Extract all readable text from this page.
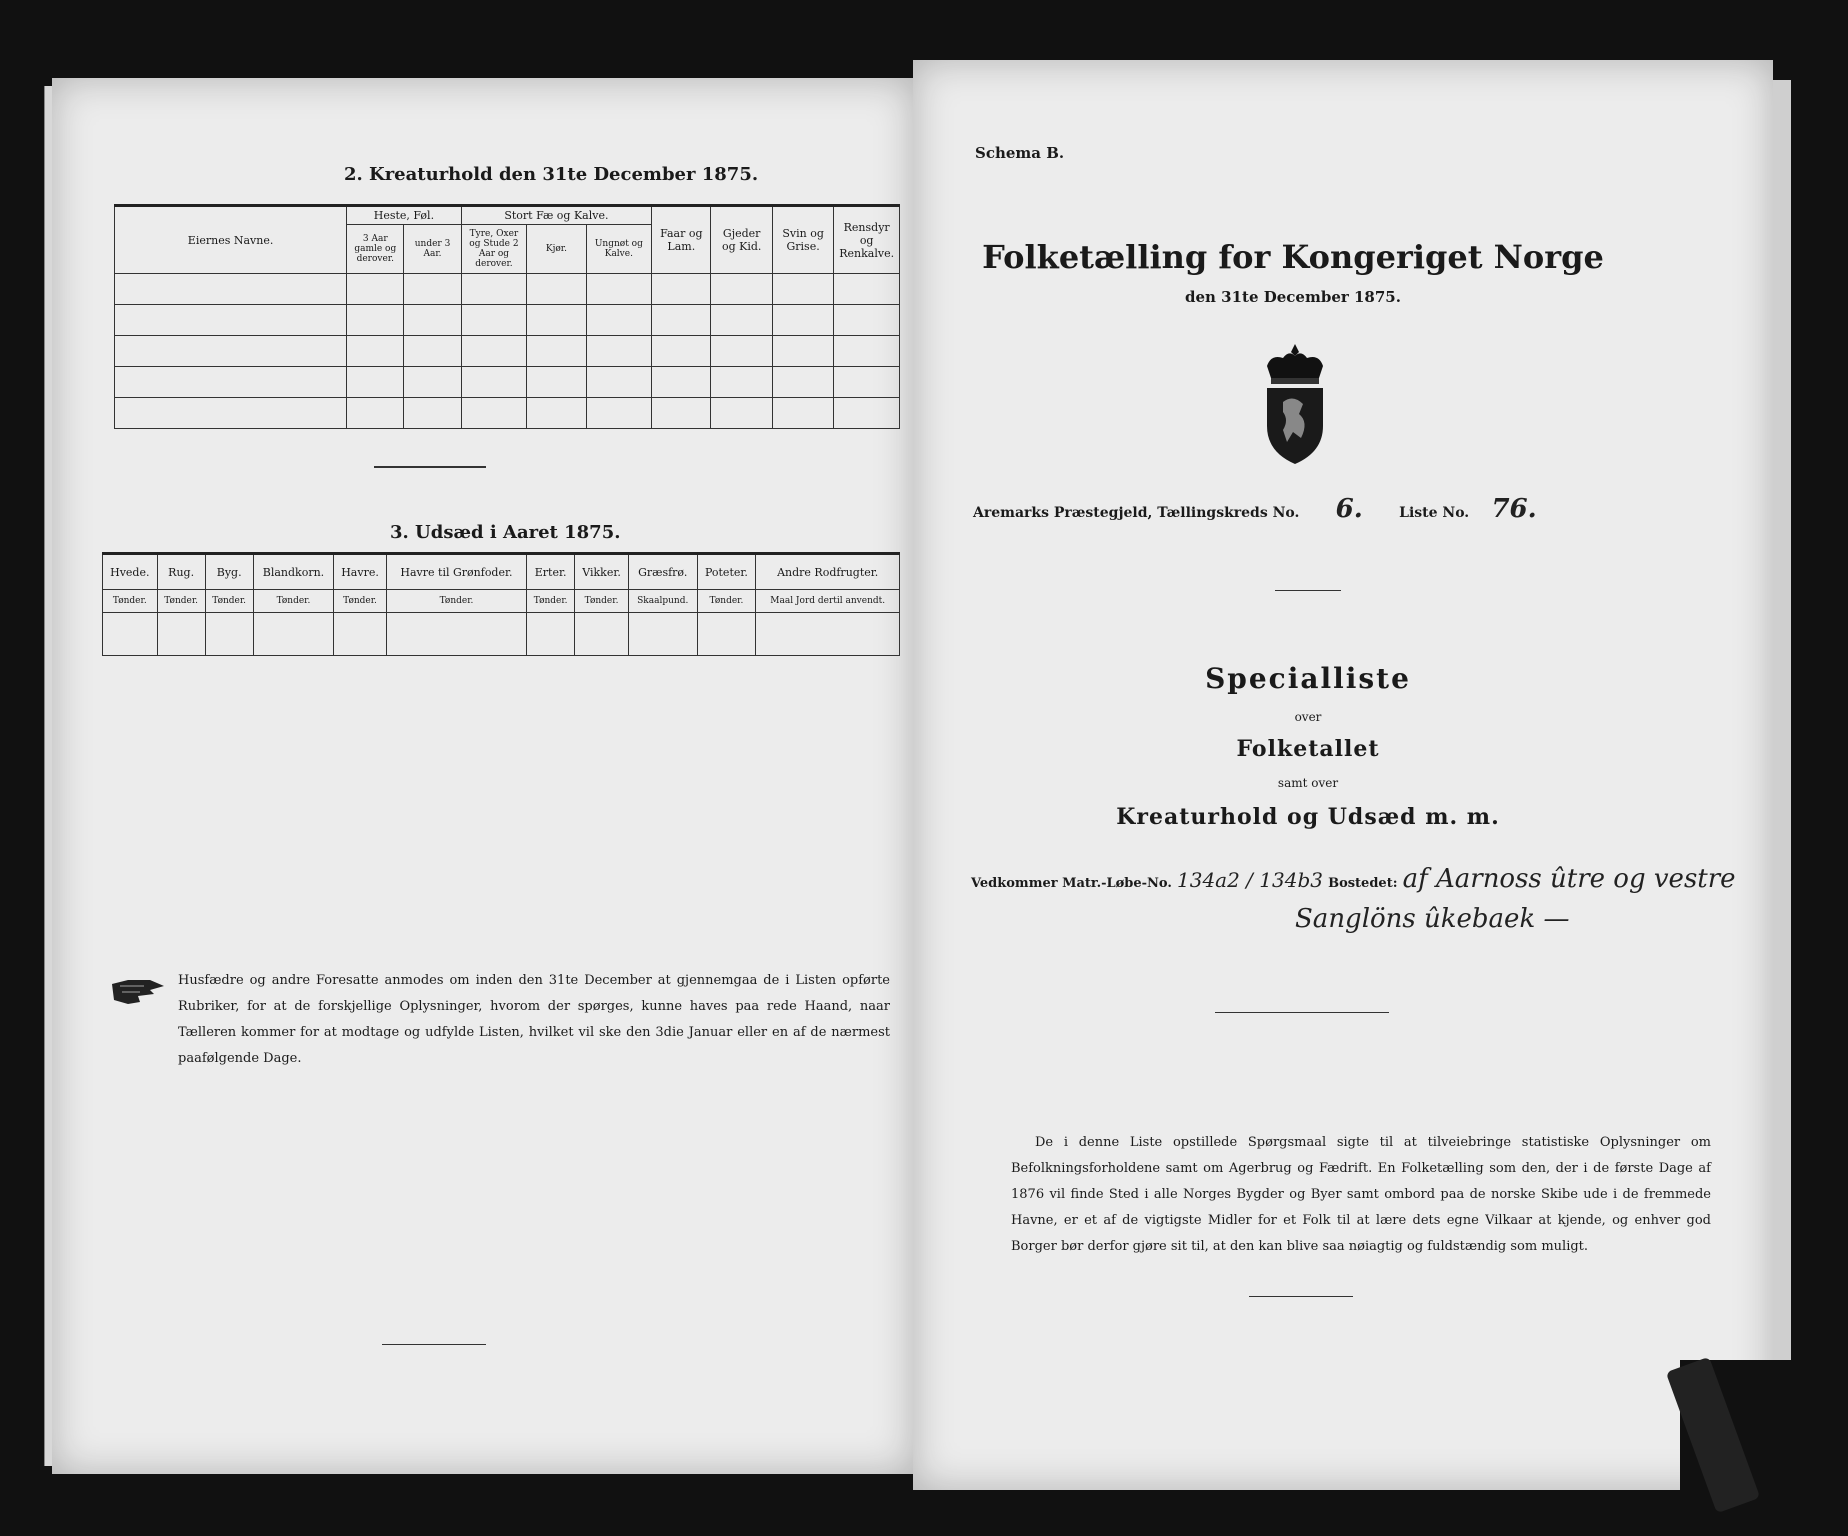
2. Kreaturhold den 31te December 1875.
Eiernes Navne.	Heste, Føl.		Stort Fæ og Kalve.			Faar og Lam.	Gjeder og Kid.	Svin og Grise.	Rensdyr og Renkalve.
	3 Aar gamle og derover.	under 3 Aar.	Tyre, Oxer og Stude 2 Aar og derover.	Kjør.	Ungnøt og Kalve.				

3. Udsæd i Aaret 1875.
Hvede.	Rug.	Byg.	Blandkorn.	Havre.	Havre til Grønfoder.	Erter.	Vikker.	Græsfrø.	Poteter.	Andre Rodfrugter.
Tønder.	Tønder.	Tønder.	Tønder.	Tønder.	Tønder.	Tønder.	Tønder.	Skaalpund.	Tønder.	Maal Jord dertil anvendt.

Husfædre og andre Foresatte anmodes om inden den 31te December at gjennemgaa de i Listen opførte Rubriker, for at de forskjellige Oplysninger, hvorom der spørges, kunne haves paa rede Haand, naar Tælleren kommer for at modtage og udfylde Listen, hvilket vil ske den 3die Januar eller en af de nærmest paafølgende Dage.
Schema B.
Folketælling for Kongeriget Norge
den 31te December 1875.
Aremarks Præstegjeld, Tællingskreds No. 6.	Liste No. 76.
Specialliste
over
Folketallet
samt over
Kreaturhold og Udsæd m. m.
Vedkommer Matr.-Løbe-No. 134a2 / 134b3 Bostedet: af Aarnoss ûtre og vestre
Sanglöns ûkebaek —
De i denne Liste opstillede Spørgsmaal sigte til at tilveiebringe statistiske Oplysninger om Befolkningsforholdene samt om Agerbrug og Fædrift. En Folketælling som den, der i de første Dage af 1876 vil finde Sted i alle Norges Bygder og Byer samt ombord paa de norske Skibe ude i de fremmede Havne, er et af de vigtigste Midler for et Folk til at lære dets egne Vilkaar at kjende, og enhver god Borger bør derfor gjøre sit til, at den kan blive saa nøiagtig og fuldstændig som muligt.
